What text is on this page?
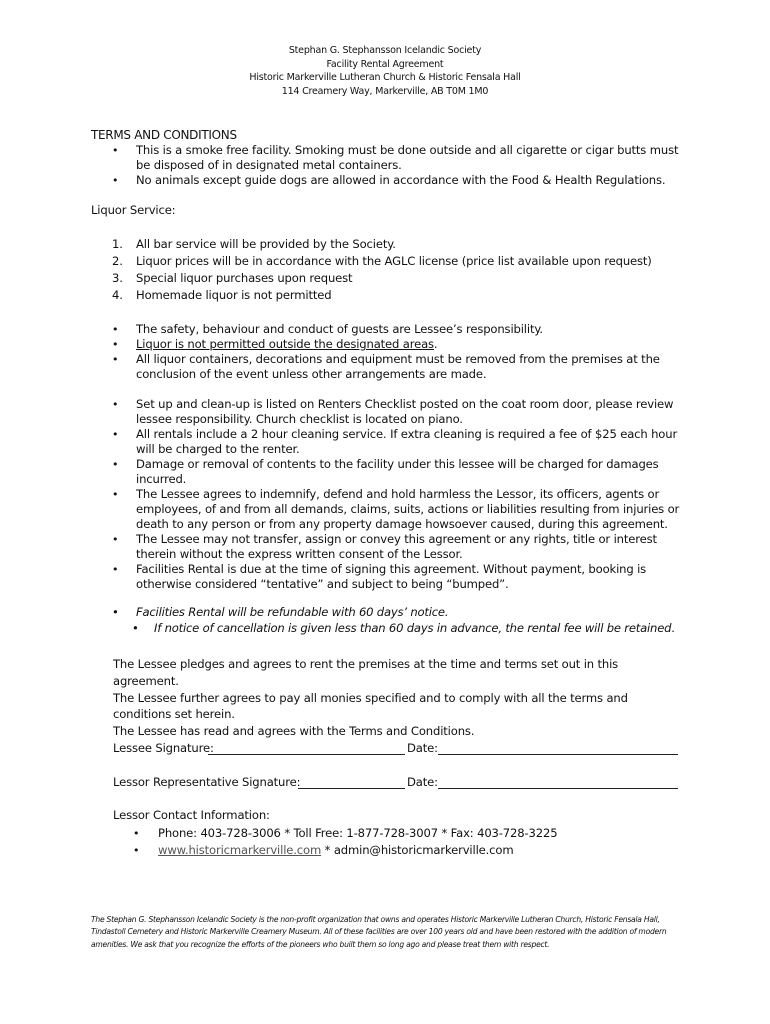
Stephan G. Stephansson Icelandic Society
Facility Rental Agreement
Historic Markerville Lutheran Church & Historic Fensala Hall
114 Creamery Way, Markerville, AB T0M 1M0
TERMS AND CONDITIONS
•	This is a smoke free facility. Smoking must be done outside and all cigarette or cigar butts must be disposed of in designated metal containers.
•	No animals except guide dogs are allowed in accordance with the Food & Health Regulations.
Liquor Service:
1. All bar service will be provided by the Society.
2. Liquor prices will be in accordance with the AGLC license (price list available upon request)
3. Special liquor purchases upon request
4. Homemade liquor is not permitted
•	The safety, behaviour and conduct of guests are Lessee’s responsibility.
•	Liquor is not permitted outside the designated areas.
•	All liquor containers, decorations and equipment must be removed from the premises at the conclusion of the event unless other arrangements are made.
•	Set up and clean-up is listed on Renters Checklist posted on the coat room door, please review lessee responsibility. Church checklist is located on piano.
•	All rentals include a 2 hour cleaning service. If extra cleaning is required a fee of $25 each hour will be charged to the renter.
•	Damage or removal of contents to the facility under this lessee will be charged for damages incurred.
•	The Lessee agrees to indemnify, defend and hold harmless the Lessor, its officers, agents or employees, of and from all demands, claims, suits, actions or liabilities resulting from injuries or death to any person or from any property damage howsoever caused, during this agreement.
•	The Lessee may not transfer, assign or convey this agreement or any rights, title or interest therein without the express written consent of the Lessor.
•	Facilities Rental is due at the time of signing this agreement. Without payment, booking is otherwise considered “tentative” and subject to being “bumped”.
• Facilities Rental will be refundable with 60 days’ notice.
• If notice of cancellation is given less than 60 days in advance, the rental fee will be retained.
The Lessee pledges and agrees to rent the premises at the time and terms set out in this agreement.
The Lessee further agrees to pay all monies specified and to comply with all the terms and conditions set herein.
The Lessee has read and agrees with the Terms and Conditions.
Lessee Signature:	Date:
Lessor Representative Signature:	Date:
Lessor Contact Information:
• Phone: 403-728-3006 * Toll Free: 1-877-728-3007 * Fax: 403-728-3225
• www.historicmarkerville.com * admin@historicmarkerville.com
The Stephan G. Stephansson Icelandic Society is the non-profit organization that owns and operates Historic Markerville Lutheran Church, Historic Fensala Hall, Tindastoll Cemetery and Historic Markerville Creamery Museum. All of these facilities are over 100 years old and have been restored with the addition of modern amenities. We ask that you recognize the efforts of the pioneers who built them so long ago and please treat them with respect.
